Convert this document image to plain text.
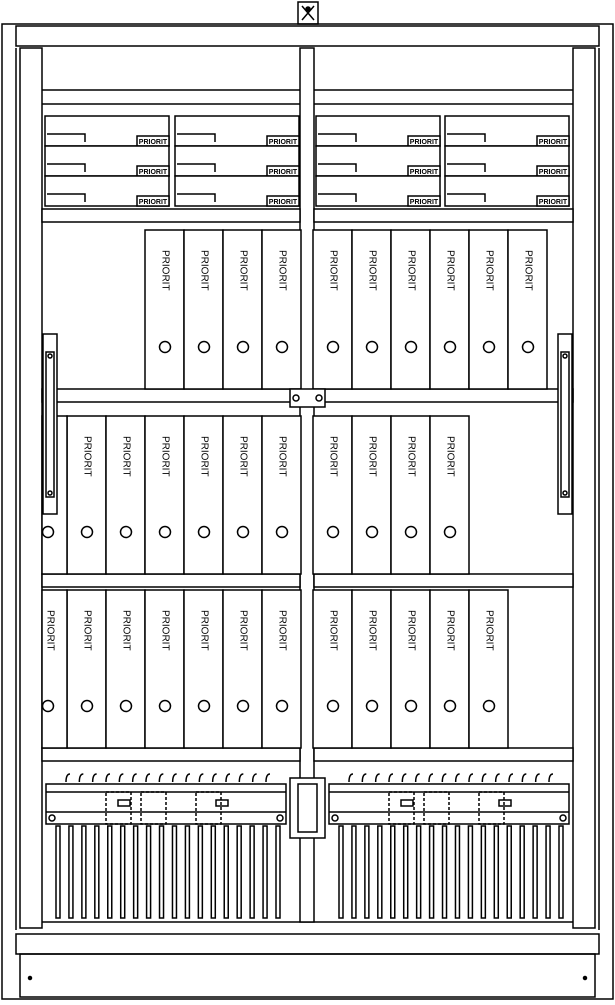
PRIORIT
PRIORIT
PRIORIT
PRIORIT
PRIORIT
PRIORIT
PRIORIT
PRIORIT
PRIORIT
PRIORIT
PRIORIT
PRIORIT
PRIORIT	PRIORIT	PRIORIT	PRIORIT	PRIORIT	PRIORIT	PRIORIT	PRIORIT	PRIORIT	PRIORIT
PRIORIT	PRIORIT	PRIORIT	PRIORIT	PRIORIT	PRIORIT	PRIORIT	PRIORIT	PRIORIT	PRIORIT
PRIORIT	PRIORIT	PRIORIT	PRIORIT	PRIORIT	PRIORIT	PRIORIT	PRIORIT	PRIORIT	PRIORIT	PRIORIT
PRIORIT
